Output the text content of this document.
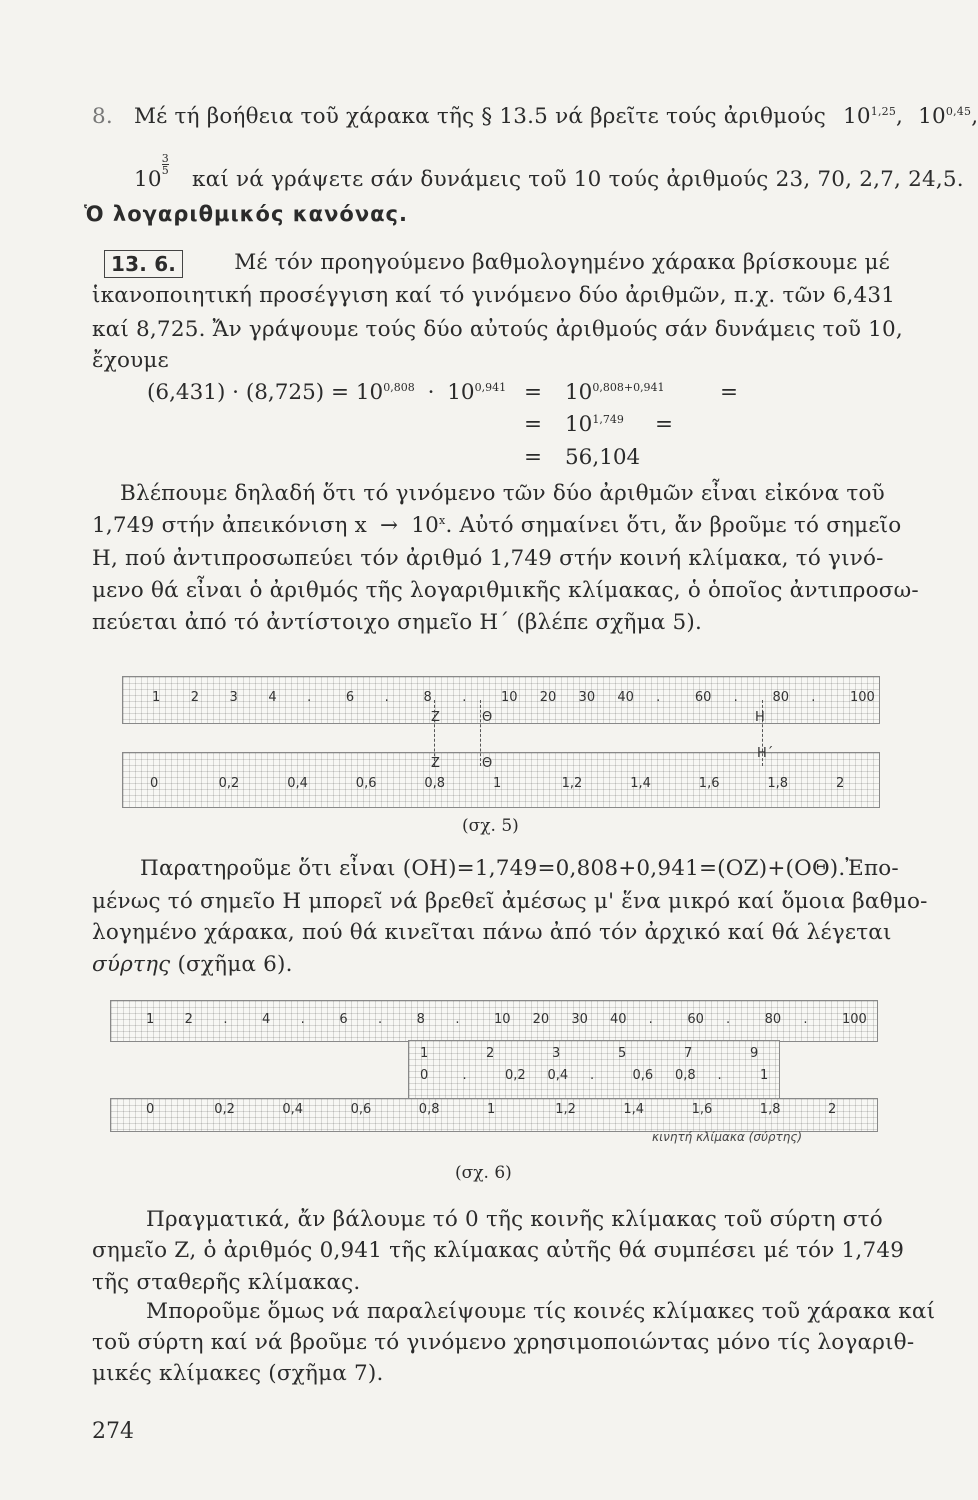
8. Μέ τή βοήθεια τοῦ χάρακα τῆς § 13.5 νά βρεῖτε τούς ἀριθμούς 10$^{1,25}$, 10$^{0,45}$,
10
$\frac{3}{5}$
καί νά γράψετε σάν δυνάμεις τοῦ 10 τούς ἀριθμούς 23, 70, 2,7, 24,5.
Ὁ λογαριθμικός κανόνας.
13. 6.	Μέ τόν προηγούμενο βαθμολογημένο χάρακα βρίσκουμε μέ
ἱκανοποιητική προσέγγιση καί τό γινόμενο δύο ἀριθμῶν, π.χ. τῶν 6,431
καί 8,725. Ἄν γράψουμε τούς δύο αὐτούς ἀριθμούς σάν δυνάμεις τοῦ 10,
ἔχουμε
$(6,431) \cdot (8,725) = 10^{0,808} \cdot 10^{0,941} = 10^{0,808+0,941}$	=
= $10^{1,749}$ =
= 56,104
Βλέπουμε δηλαδή ὅτι τό γινόμενο τῶν δύο ἀριθμῶν εἶναι εἰκόνα τοῦ
1,749 στήν ἀπεικόνιση $x \to 10^x$. Αὐτό σημαίνει ὅτι, ἄν βροῦμε τό σημεῖο
Η, πού ἀντιπροσωπεύει τόν ἀριθμό 1,749 στήν κοινή κλίμακα, τό γινό-
μενο θά εἶναι ὁ ἀριθμός τῆς λογαριθμικῆς κλίμακας, ὁ ὁποῖος ἀντιπροσω-
πεύεται ἀπό τό ἀντίστοιχο σημεῖο Η΄ (βλέπε σχῆμα 5).
1 2 3 4 .	6 .	8 .	10 20 30 40 .	60 .	80 .	100
0	0,2	0,4	0,6	0,8	1	1,2	1,4	1,6	1,8	2
Z	Θ	Η
Z	Θ
Η΄
(σχ. 5)
Παρατηροῦμε ὅτι εἶναι (ΟΗ)=1,749=0,808+0,941=(ΟΖ)+(ΟΘ).Ἐπο-
μένως τό σημεῖο Η μπορεῖ νά βρεθεῖ ἀμέσως μ' ἕνα μικρό καί ὅμοια βαθμο-
λογημένο χάρακα, πού θά κινεῖται πάνω ἀπό τόν ἀρχικό καί θά λέγεται
σύρτης (σχῆμα 6).
1 2 .	4 .	6 .	8 .	10 20 30 40 .	60 .	80 .	100
1	2	3	5	7	9
0	.	0,2 0,4 .	0,6 0,8 .	1
0	0,2	0,4	0,6	0,8	1	1,2	1,4	1,6	1,8	2
κινητή κλίμακα (σύρτης)
(σχ. 6)
Πραγματικά, ἄν βάλουμε τό 0 τῆς κοινῆς κλίμακας τοῦ σύρτη στό
σημεῖο Ζ, ὁ ἀριθμός 0,941 τῆς κλίμακας αὐτῆς θά συμπέσει μέ τόν 1,749
τῆς σταθερῆς κλίμακας.
Μποροῦμε ὅμως νά παραλείψουμε τίς κοινές κλίμακες τοῦ χάρακα καί
τοῦ σύρτη καί νά βροῦμε τό γινόμενο χρησιμοποιώντας μόνο τίς λογαριθ-
μικές κλίμακες (σχῆμα 7).
274
